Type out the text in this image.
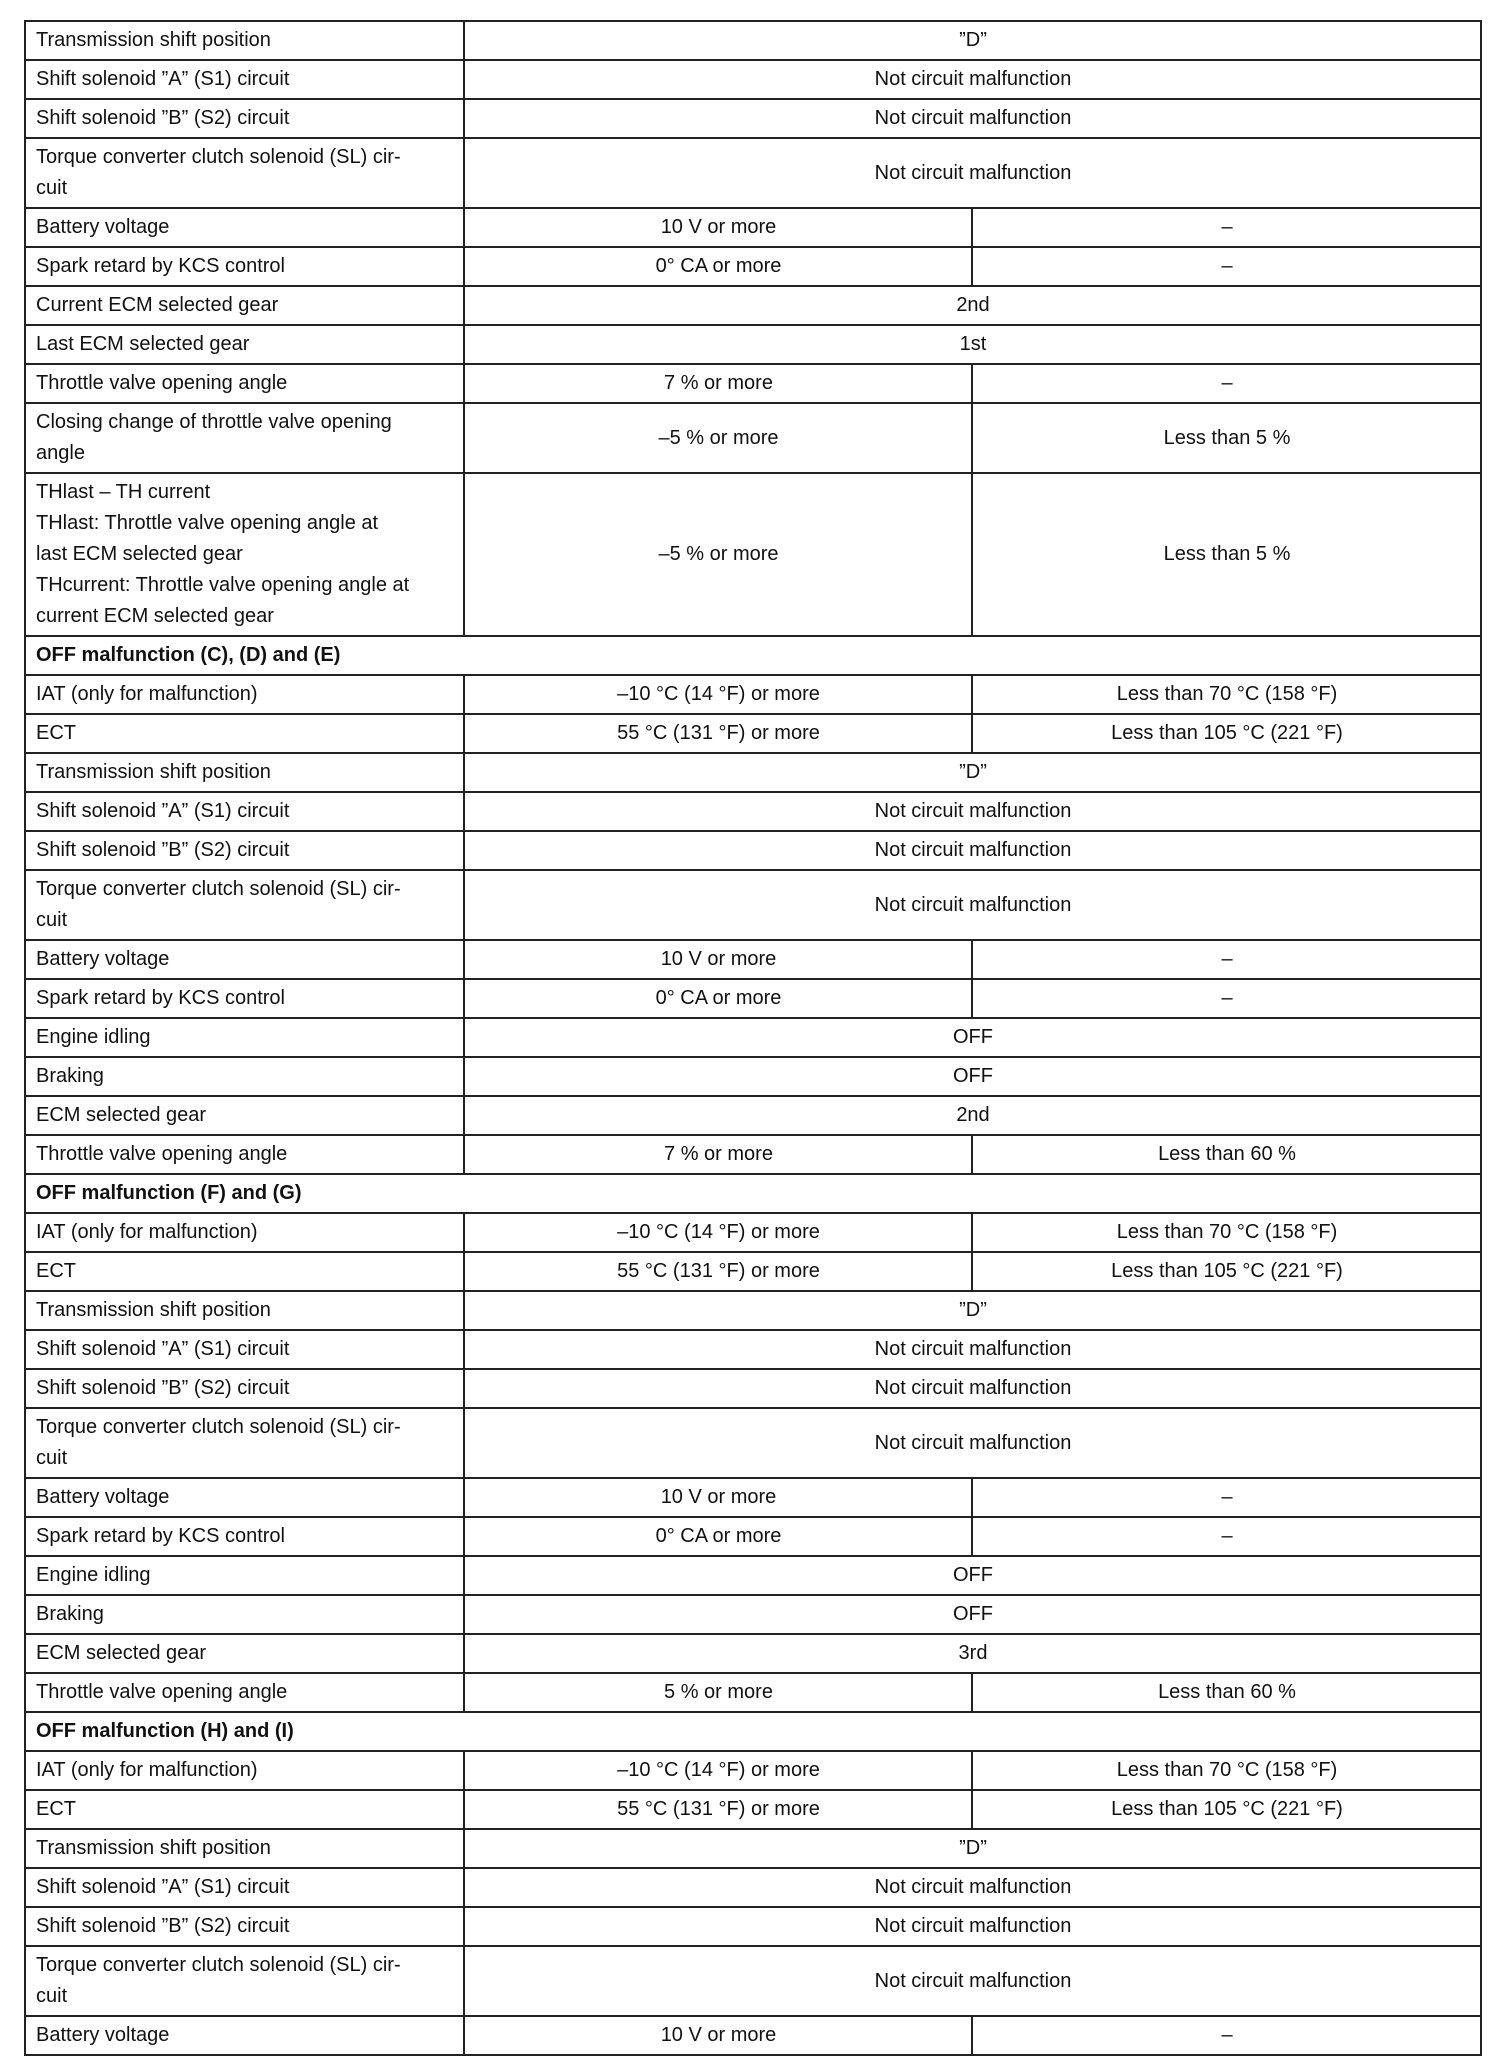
Transmission shift position	”D”	
Shift solenoid ”A” (S1) circuit	Not circuit malfunction	
Shift solenoid ”B” (S2) circuit	Not circuit malfunction	
Torque converter clutch solenoid (SL) cir-
cuit	Not circuit malfunction	
Battery voltage	10 V or more	–
Spark retard by KCS control	0° CA or more	–
Current ECM selected gear	2nd	
Last ECM selected gear	1st	
Throttle valve opening angle	7 % or more	–
Closing change of throttle valve opening
angle	–5 % or more	Less than 5 %
THlast – TH current
THlast: Throttle valve opening angle at
last ECM selected gear
THcurrent: Throttle valve opening angle at
current ECM selected gear	–5 % or more	Less than 5 %
OFF malfunction (C), (D) and (E)		
IAT (only for malfunction)	–10 °C (14 °F) or more	Less than 70 °C (158 °F)
ECT	55 °C (131 °F) or more	Less than 105 °C (221 °F)
Transmission shift position	”D”	
Shift solenoid ”A” (S1) circuit	Not circuit malfunction	
Shift solenoid ”B” (S2) circuit	Not circuit malfunction	
Torque converter clutch solenoid (SL) cir-
cuit	Not circuit malfunction	
Battery voltage	10 V or more	–
Spark retard by KCS control	0° CA or more	–
Engine idling	OFF	
Braking	OFF	
ECM selected gear	2nd	
Throttle valve opening angle	7 % or more	Less than 60 %
OFF malfunction (F) and (G)		
IAT (only for malfunction)	–10 °C (14 °F) or more	Less than 70 °C (158 °F)
ECT	55 °C (131 °F) or more	Less than 105 °C (221 °F)
Transmission shift position	”D”	
Shift solenoid ”A” (S1) circuit	Not circuit malfunction	
Shift solenoid ”B” (S2) circuit	Not circuit malfunction	
Torque converter clutch solenoid (SL) cir-
cuit	Not circuit malfunction	
Battery voltage	10 V or more	–
Spark retard by KCS control	0° CA or more	–
Engine idling	OFF	
Braking	OFF	
ECM selected gear	3rd	
Throttle valve opening angle	5 % or more	Less than 60 %
OFF malfunction (H) and (I)		
IAT (only for malfunction)	–10 °C (14 °F) or more	Less than 70 °C (158 °F)
ECT	55 °C (131 °F) or more	Less than 105 °C (221 °F)
Transmission shift position	”D”	
Shift solenoid ”A” (S1) circuit	Not circuit malfunction	
Shift solenoid ”B” (S2) circuit	Not circuit malfunction	
Torque converter clutch solenoid (SL) cir-
cuit	Not circuit malfunction	
Battery voltage	10 V or more	–
